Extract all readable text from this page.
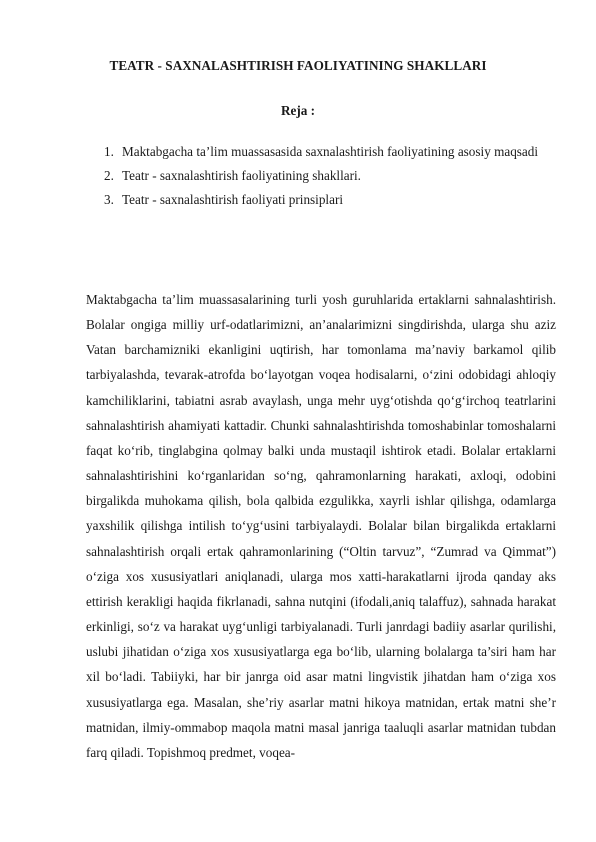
TEATR - SAXNALASHTIRISH FAOLIYATINING SHAKLLARI
Reja :
1. Maktabgacha ta’lim muassasasida saxnalashtirish faoliyatining asosiy maqsadi
2. Teatr - saxnalashtirish faoliyatining shakllari.
3. Teatr - saxnalashtirish faoliyati prinsiplari

Maktabgacha ta’lim muassasalarining turli yosh guruhlarida ertaklarni sahnalashtirish. Bolalar ongiga milliy urf-odatlarimizni, an’analarimizni singdirishda, ularga shu aziz Vatan barchamizniki ekanligini uqtirish, har tomonlama ma’naviy barkamol qilib tarbiyalashda, tevarak-atrofda bo‘layotgan voqea hodisalarni, o‘zini odobidagi ahloqiy kamchiliklarini, tabiatni asrab avaylash, unga mehr uyg‘otishda qo‘g‘irchoq teatrlarini sahnalashtirish ahamiyati kattadir. Chunki sahnalashtirishda tomoshabinlar tomoshalarni faqat ko‘rib, tinglabgina qolmay balki unda mustaqil ishtirok etadi. Bolalar ertaklarni sahnalashtirishini ko‘rganlaridan so‘ng, qahramonlarning harakati, axloqi, odobini birgalikda muhokama qilish, bola qalbida ezgulikka, xayrli ishlar qilishga, odamlarga yaxshilik qilishga intilish to‘yg‘usini tarbiyalaydi. Bolalar bilan birgalikda ertaklarni sahnalashtirish orqali ertak qahramonlarining (“Oltin tarvuz”, “Zumrad va Qimmat”) o‘ziga xos xususiyatlari aniqlanadi, ularga mos xatti-harakatlarni ijroda qanday aks ettirish kerakligi haqida fikrlanadi, sahna nutqini (ifodali,aniq talaffuz), sahnada harakat erkinligi, so‘z va harakat uyg‘unligi tarbiyalanadi. Turli janrdagi badiiy asarlar qurilishi, uslubi jihatidan o‘ziga xos xususiyatlarga ega bo‘lib, ularning bolalarga ta’siri ham har xil bo‘ladi. Tabiiyki, har bir janrga oid asar matni lingvistik jihatdan ham o‘ziga xos xususiyatlarga ega. Masalan, she’riy asarlar matni hikoya matnidan, ertak matni she’r matnidan, ilmiy-ommabop maqola matni masal janriga taaluqli asarlar matnidan tubdan farq qiladi. Topishmoq predmet, voqea-
